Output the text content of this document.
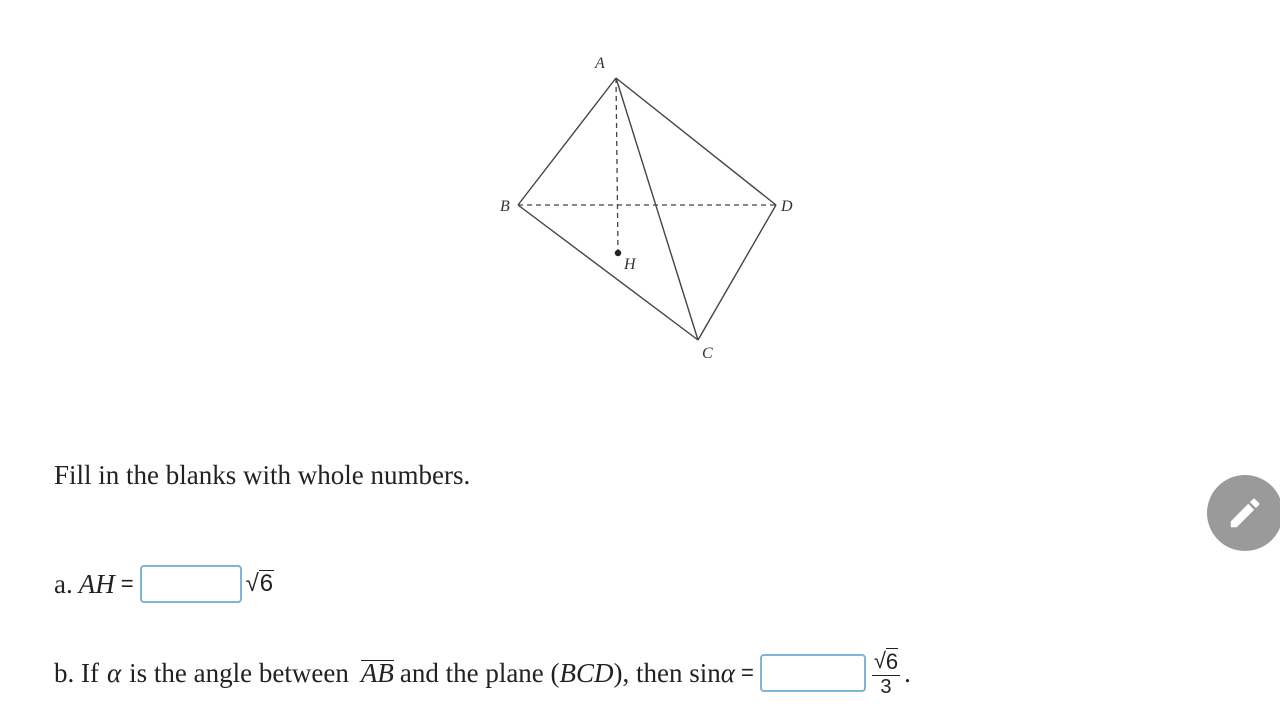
A
B	D
C
H
Fill in the blanks with whole numbers.
a. AH =	√ 6
b. If α is the angle between AB and the plane ( BCD ), then sin α =	$\frac{√ 6}{3}$ .
